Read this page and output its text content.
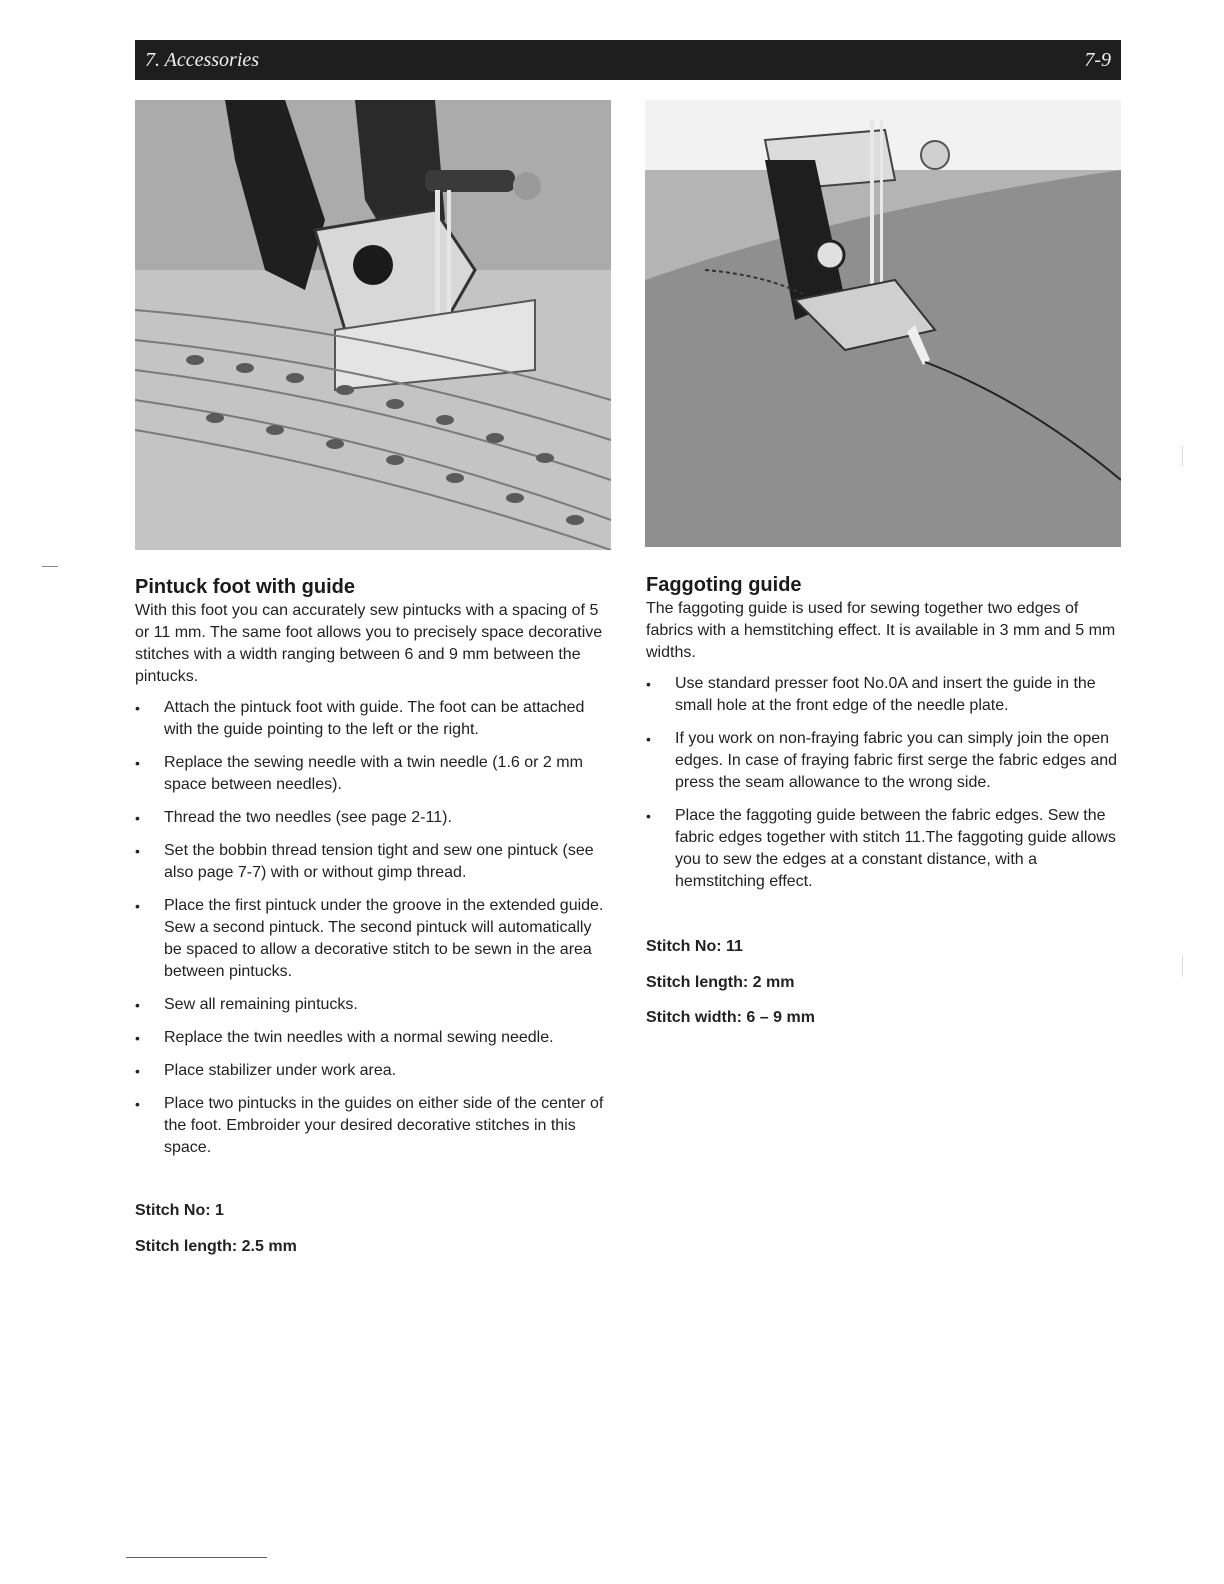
7. Accessories	7-9
Pintuck foot with guide

With this foot you can accurately sew pintucks with a spacing of 5 or 11 mm. The same foot allows you to precisely space decorative stitches with a width ranging between 6 and 9 mm between the pintucks.

• Attach the pintuck foot with guide. The foot can be attached with the guide pointing to the left or the right.
• Replace the sewing needle with a twin needle (1.6 or 2 mm space between needles).
• Thread the two needles (see page 2-11).
• Set the bobbin thread tension tight and sew one pintuck (see also page 7-7) with or without gimp thread.
• Place the first pintuck under the groove in the extended guide. Sew a second pintuck. The second pintuck will automatically be spaced to allow a decorative stitch to be sewn in the area between pintucks.
• Sew all remaining pintucks.
• Replace the twin needles with a normal sewing needle.
• Place stabilizer under work area.
• Place two pintucks in the guides on either side of the center of the foot. Embroider your desired decorative stitches in this space.

Stitch No: 1

Stitch length: 2.5 mm

Faggoting guide

The faggoting guide is used for sewing together two edges of fabrics with a hemstitching effect. It is available in 3 mm and 5 mm widths.

• Use standard presser foot No.0A and insert the guide in the small hole at the front edge of the needle plate.
• If you work on non-fraying fabric you can simply join the open edges. In case of fraying fabric first serge the fabric edges and press the seam allowance to the wrong side.
• Place the faggoting guide between the fabric edges. Sew the fabric edges together with stitch 11.The faggoting guide allows you to sew the edges at a constant distance, with a hemstitching effect.

Stitch No: 11

Stitch length: 2 mm

Stitch width: 6 – 9 mm
